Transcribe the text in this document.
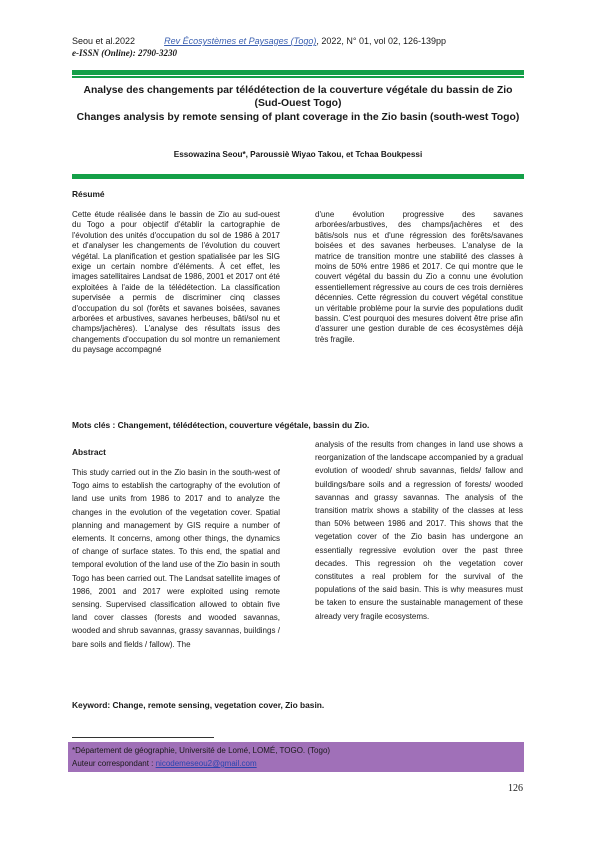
Seou et al.2022	Rev Écosystèmes et Paysages (Togo), 2022, N° 01, vol 02, 126-139pp
e-ISSN (Online): 2790-3230
Analyse des changements par télédétection de la couverture végétale du bassin de Zio (Sud-Ouest Togo)
Changes analysis by remote sensing of plant coverage in the Zio basin (south-west Togo)
Essowazina Seou*, Paroussiè Wiyao Takou, et Tchaa Boukpessi
Résumé
Cette étude réalisée dans le bassin de Zio au sud-ouest du Togo a pour objectif d'établir la cartographie de l'évolution des unités d'occupation du sol de 1986 à 2017 et d'analyser les changements de l'évolution du couvert végétal. La planification et gestion spatialisée par les SIG exige un certain nombre d'éléments. À cet effet, les images satellitaires Landsat de 1986, 2001 et 2017 ont été exploitées à l'aide de la télédétection. La classification supervisée a permis de discriminer cinq classes d'occupation du sol (forêts et savanes boisées, savanes arborées et arbustives, savanes herbeuses, bâti/sol nu et champs/jachères). L'analyse des résultats issus des changements d'occupation du sol montre un remaniement du paysage accompagné
d'une évolution progressive des savanes arborées/arbustives, des champs/jachères et des bâtis/sols nus et d'une régression des forêts/savanes boisées et des savanes herbeuses. L'analyse de la matrice de transition montre une stabilité des classes à moins de 50% entre 1986 et 2017. Ce qui montre que le couvert végétal du bassin du Zio a connu une évolution essentiellement régressive au cours de ces trois dernières décennies. Cette régression du couvert végétal constitue un véritable problème pour la survie des populations dudit bassin. C'est pourquoi des mesures doivent être prise afin d'assurer une gestion durable de ces écosystèmes déjà très fragile.
Mots clés : Changement, télédétection, couverture végétale, bassin du Zio.
Abstract
This study carried out in the Zio basin in the south-west of Togo aims to establish the cartography of the evolution of land use units from 1986 to 2017 and to analyze the changes in the evolution of the vegetation cover. Spatial planning and management by GIS require a number of elements. It concerns, among other things, the dynamics of change of surface states. To this end, the spatial and temporal evolution of the land use of the Zio basin in south Togo has been carried out. The Landsat satellite images of 1986, 2001 and 2017 were exploited using remote sensing. Supervised classification allowed to obtain five land cover classes (forests and wooded savannas, wooded and shrub savannas, grassy savannas, buildings / bare soils and fields / fallow). The
analysis of the results from changes in land use shows a reorganization of the landscape accompanied by a gradual evolution of wooded/ shrub savannas, fields/ fallow and buildings/bare soils and a regression of forests/ wooded savannas and grassy savannas. The analysis of the transition matrix shows a stability of the classes at less than 50% between 1986 and 2017. This shows that the vegetation cover of the Zio basin has undergone an essentially regressive evolution over the past three decades. This regression oh the vegetation cover constitutes a real problem for the survival of the populations of the said basin. This is why measures must be taken to ensure the sustainable management of these already very fragile ecosystems.
Keyword: Change, remote sensing, vegetation cover, Zio basin.
*Département de géographie, Université de Lomé, LOMÉ, TOGO. (Togo)
Auteur correspondant : nicodemeseou2@gmail.com
126
